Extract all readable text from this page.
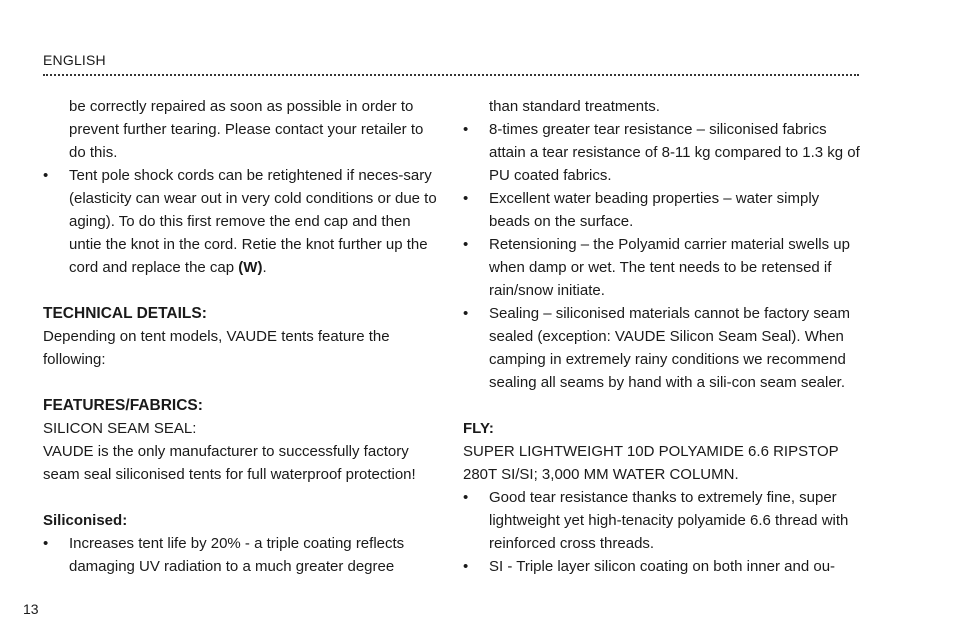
ENGLISH

be correctly repaired as soon as possible in order to prevent further tearing. Please contact your retailer to do this.

• Tent pole shock cords can be retightened if neces-sary (elasticity can wear out in very cold conditions or due to aging). To do this first remove the end cap and then untie the knot in the cord. Retie the knot further up the cord and replace the cap (W).

TECHNICAL DETAILS:

Depending on tent models, VAUDE tents feature the following:

FEATURES/FABRICS:

SILICON SEAM SEAL:

VAUDE is the only manufacturer to successfully factory seam seal siliconised tents for full waterproof protection!

Siliconised:

• Increases tent life by 20% - a triple coating reflects damaging UV radiation to a much greater degree

than standard treatments.

• 8-times greater tear resistance – siliconised fabrics attain a tear resistance of 8-11 kg compared to 1.3 kg of PU coated fabrics.
• Excellent water beading properties – water simply beads on the surface.
• Retensioning – the Polyamid carrier material swells up when damp or wet. The tent needs to be retensed if rain/snow initiate.
• Sealing – siliconised materials cannot be factory seam sealed (exception: VAUDE Silicon Seam Seal). When camping in extremely rainy conditions we recommend sealing all seams by hand with a sili-con seam sealer.

FLY:

SUPER LIGHTWEIGHT 10D POLYAMIDE 6.6 RIPSTOP 280T SI/SI; 3,000 MM WATER COLUMN.

• Good tear resistance thanks to extremely fine, super lightweight yet high-tenacity polyamide 6.6 thread with reinforced cross threads.
• SI - Triple layer silicon coating on both inner and ou-
13
